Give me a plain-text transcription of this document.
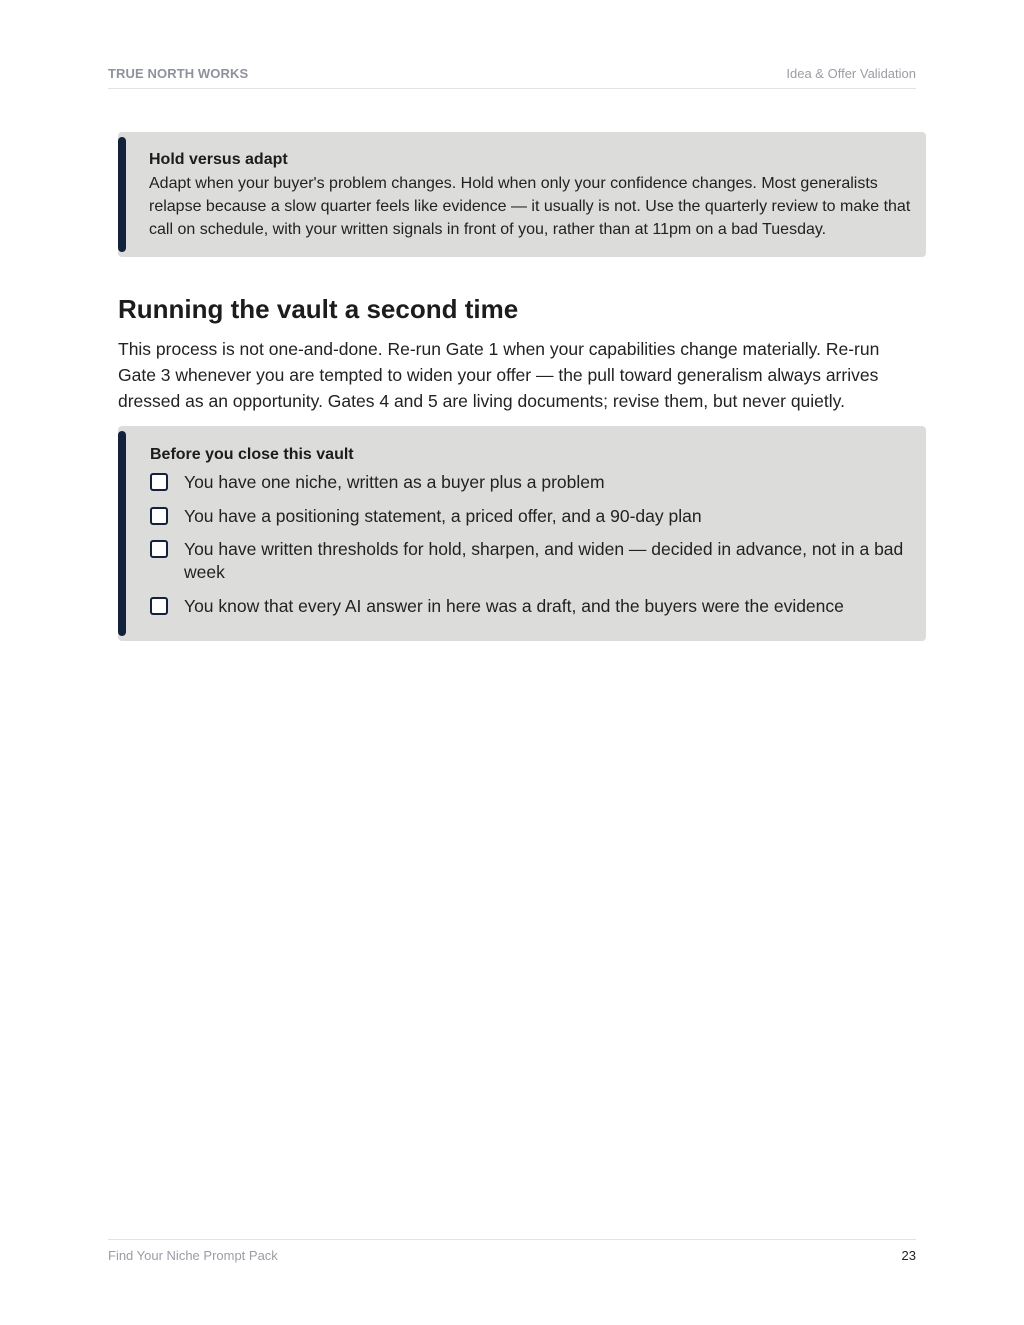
TRUE NORTH WORKS	Idea & Offer Validation
Hold versus adapt
Adapt when your buyer's problem changes. Hold when only your confidence changes. Most generalists relapse because a slow quarter feels like evidence — it usually is not. Use the quarterly review to make that call on schedule, with your written signals in front of you, rather than at 11pm on a bad Tuesday.
Running the vault a second time

This process is not one-and-done. Re-run Gate 1 when your capabilities change materially. Re-run Gate 3 whenever you are tempted to widen your offer — the pull toward generalism always arrives dressed as an opportunity. Gates 4 and 5 are living documents; revise them, but never quietly.

Before you close this vault
You have one niche, written as a buyer plus a problem
You have a positioning statement, a priced offer, and a 90-day plan
You have written thresholds for hold, sharpen, and widen — decided in advance, not in a bad week
You know that every AI answer in here was a draft, and the buyers were the evidence
Find Your Niche Prompt Pack	23
